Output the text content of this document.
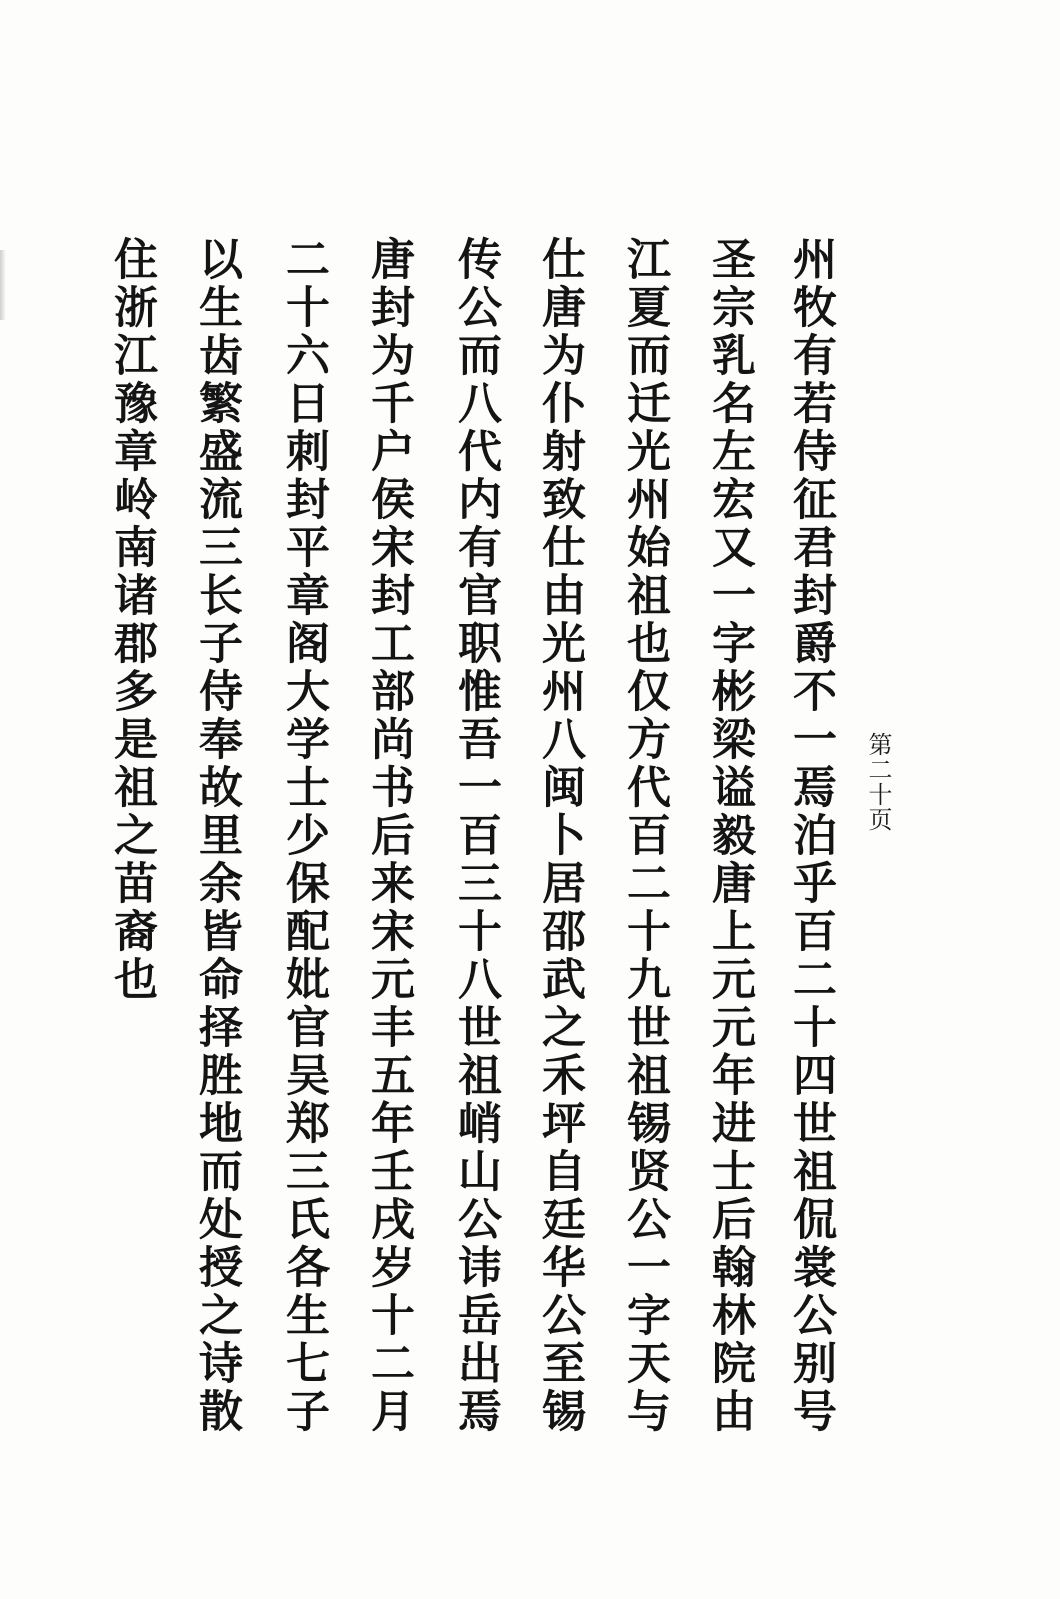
第二十页
州牧有若侍征君封爵不一焉泊乎百二十四世祖侃裳公别号
圣宗乳名左宏又一字彬梁谥毅唐上元元年进士后翰林院由
江夏而迁光州始祖也仅方代百二十九世祖锡贤公一字天与
仕唐为仆射致仕由光州八闽卜居邵武之禾坪自廷华公至锡
传公而八代内有官职惟吾一百三十八世祖峭山公讳岳出焉
唐封为千户侯宋封工部尚书后来宋元丰五年壬戌岁十二月
二十六日刺封平章阁大学士少保配妣官吴郑三氏各生七子
以生齿繁盛流三长子侍奉故里余皆命择胜地而处授之诗散
住浙江豫章岭南诸郡多是祖之苗裔也
